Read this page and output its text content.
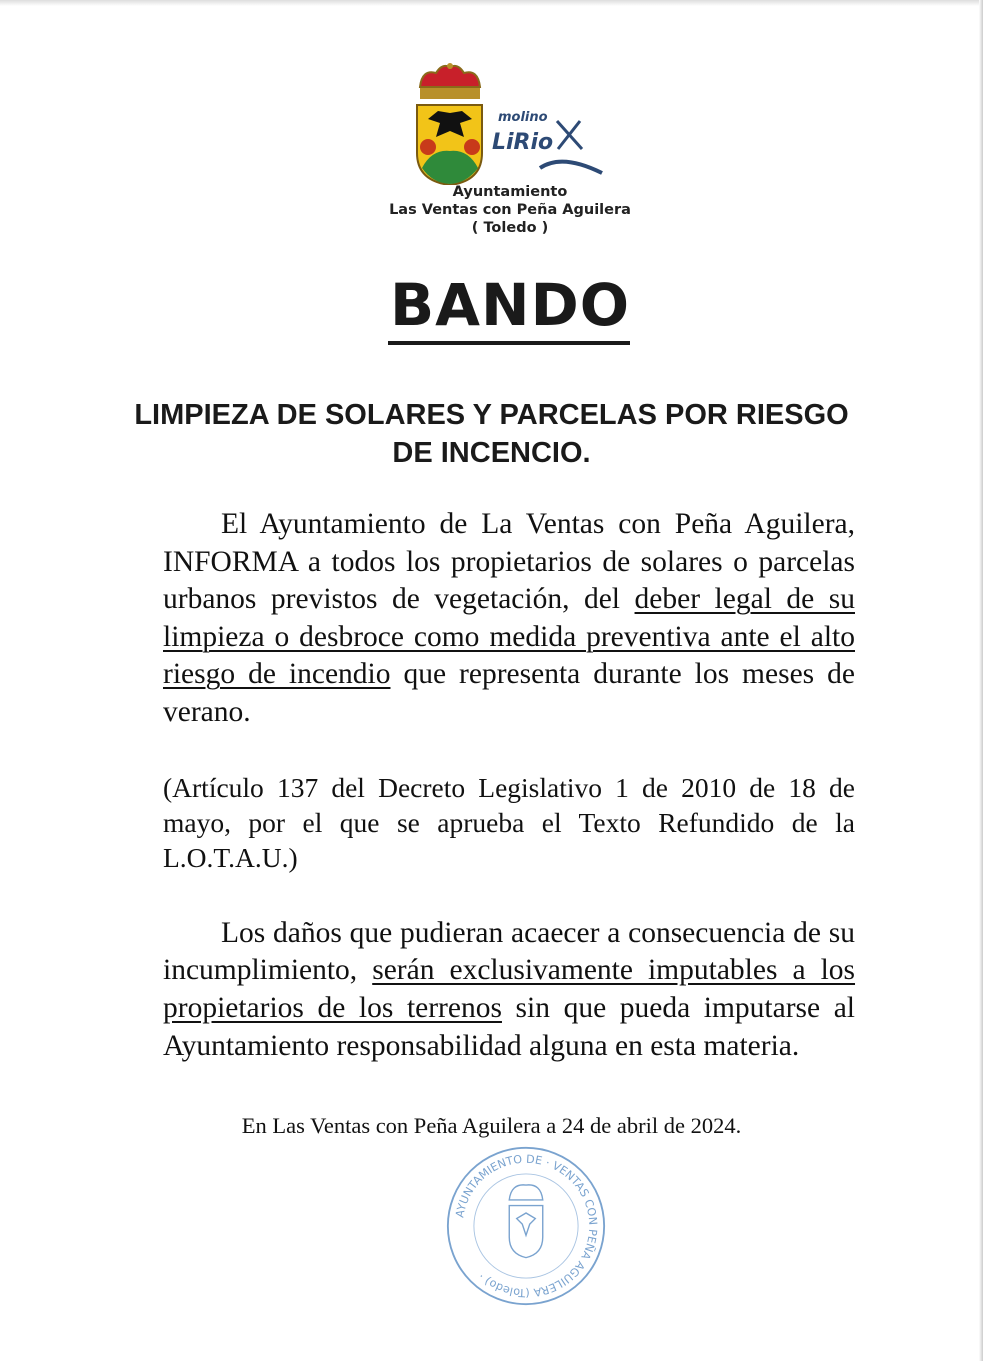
molino
LiRio
Ayuntamiento
Las Ventas con Peña Aguilera
( Toledo )
BANDO
LIMPIEZA DE SOLARES Y PARCELAS POR RIESGO DE INCENCIO.
El Ayuntamiento de La Ventas con Peña Aguilera, INFORMA a todos los propietarios de solares o parcelas urbanos previstos de vegetación, del deber legal de su limpieza o desbroce como medida preventiva ante el alto riesgo de incendio que representa durante los meses de verano.
(Artículo 137 del Decreto Legislativo 1 de 2010 de 18 de mayo, por el que se aprueba el Texto Refundido de la L.O.T.A.U.)
Los daños que pudieran acaecer a consecuencia de su incumplimiento, serán exclusivamente imputables a los propietarios de los terrenos sin que pueda imputarse al Ayuntamiento responsabilidad alguna en esta materia.
En Las Ventas con Peña Aguilera a 24 de abril de 2024.
AYUNTAMIENTO DE · VENTAS CON PEÑA AGUILERA (Toledo) ·
